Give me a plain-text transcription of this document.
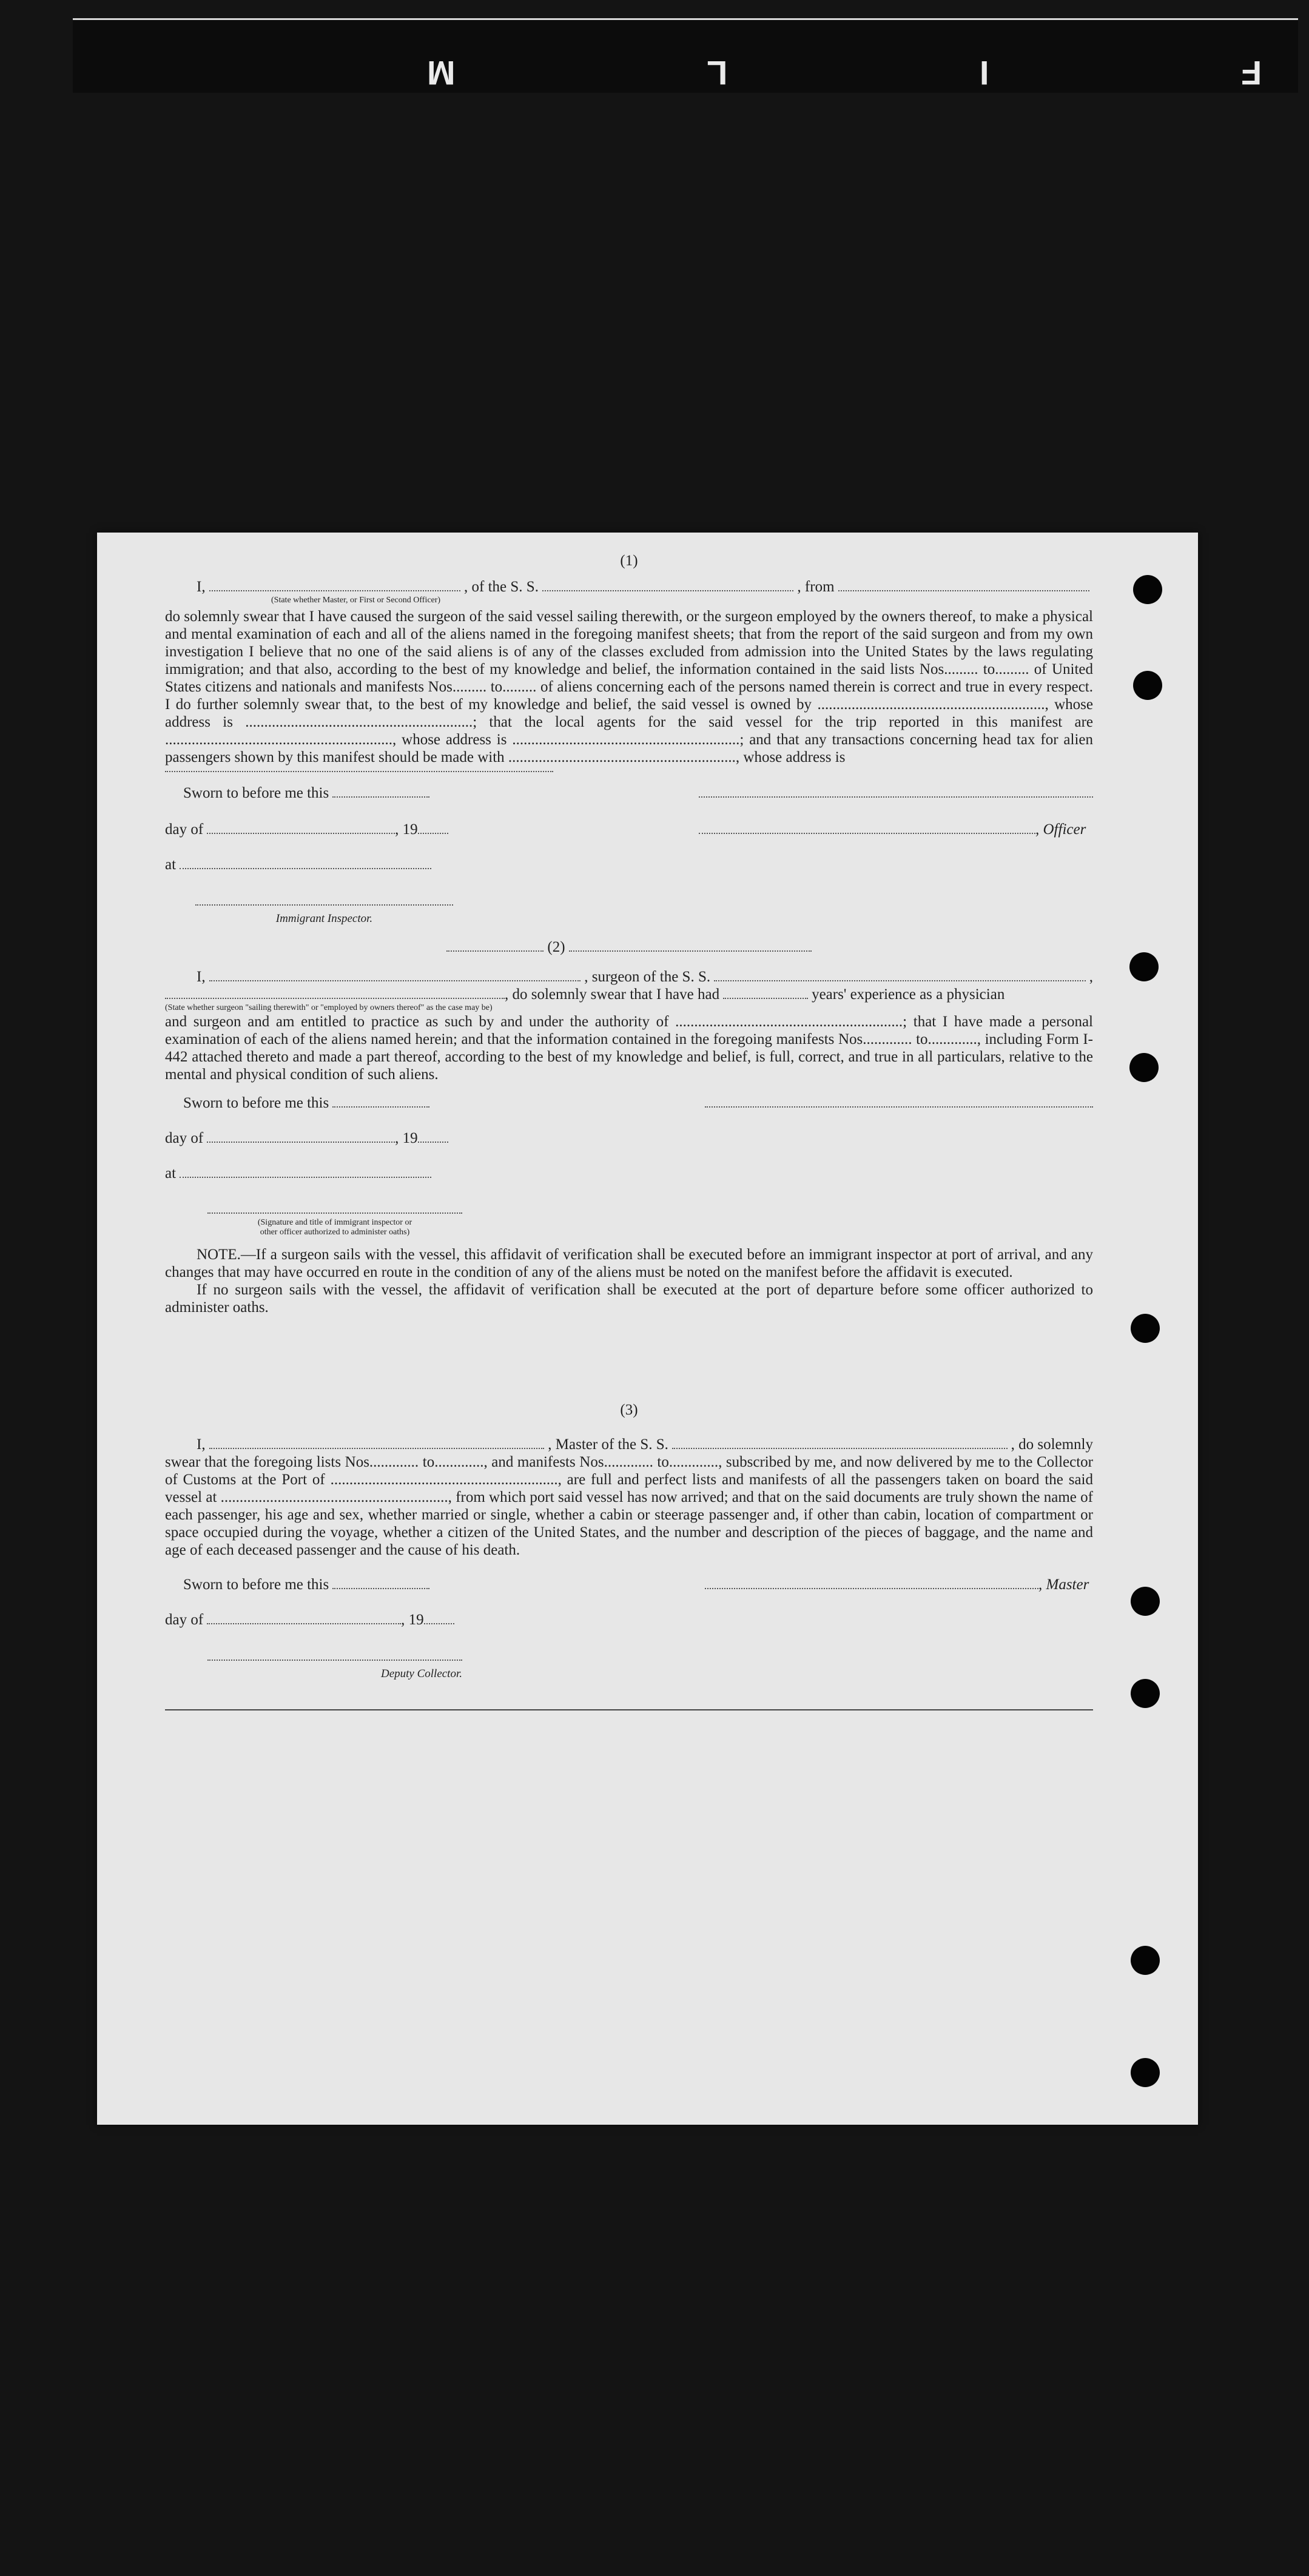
F I L M

(1)

I,	, of the S. S.	, from
(State whether Master, or First or Second Officer)

do solemnly swear that I have caused the surgeon of the said vessel sailing therewith, or the surgeon employed by the owners thereof, to make a physical and mental examination of each and all of the aliens named in the foregoing manifest sheets; that from the report of the said surgeon and from my own investigation I believe that no one of the said aliens is of any of the classes excluded from admission into the United States by the laws regulating immigration; and that also, according to the best of my knowledge and belief, the information contained in the said lists Nos......... to......... of United States citizens and nationals and manifests Nos......... to......... of aliens concerning each of the persons named therein is correct and true in every respect. I do further solemnly swear that, to the best of my knowledge and belief, the said vessel is owned by ............................................................, whose address is ............................................................; that the local agents for the said vessel for the trip reported in this manifest are ............................................................, whose address is ............................................................; and that any transactions concerning head tax for alien passengers shown by this manifest should be made with ............................................................, whose address is

Sworn to before me this
day of	, 19
at
Immigrant Inspector.
, Officer

(2)

I,	, surgeon of the S. S.	,
, do solemnly swear that I have had	years' experience as a physician
(State whether surgeon "sailing therewith" or "employed by owners thereof" as the case may be)

and surgeon and am entitled to practice as such by and under the authority of ............................................................; that I have made a personal examination of each of the aliens named herein; and that the information contained in the foregoing manifests Nos............. to............., including Form I-442 attached thereto and made a part thereof, according to the best of my knowledge and belief, is full, correct, and true in all particulars, relative to the mental and physical condition of such aliens.

Sworn to before me this
day of	, 19
at
(Signature and title of immigrant inspector or
other officer authorized to administer oaths)

NOTE.—If a surgeon sails with the vessel, this affidavit of verification shall be executed before an immigrant inspector at port of arrival, and any changes that may have occurred en route in the condition of any of the aliens must be noted on the manifest before the affidavit is executed.

If no surgeon sails with the vessel, the affidavit of verification shall be executed at the port of departure before some officer authorized to administer oaths.

(3)

I,	, Master of the S. S.	, do solemnly

swear that the foregoing lists Nos............. to............., and manifests Nos............. to............., subscribed by me, and now delivered by me to the Collector of Customs at the Port of ............................................................, are full and perfect lists and manifests of all the passengers taken on board the said vessel at ............................................................, from which port said vessel has now arrived; and that on the said documents are truly shown the name of each passenger, his age and sex, whether married or single, whether a cabin or steerage passenger and, if other than cabin, location of compartment or space occupied during the voyage, whether a citizen of the United States, and the number and description of the pieces of baggage, and the name and age of each deceased passenger and the cause of his death.

Sworn to before me this	, Master
day of	, 19
Deputy Collector.
